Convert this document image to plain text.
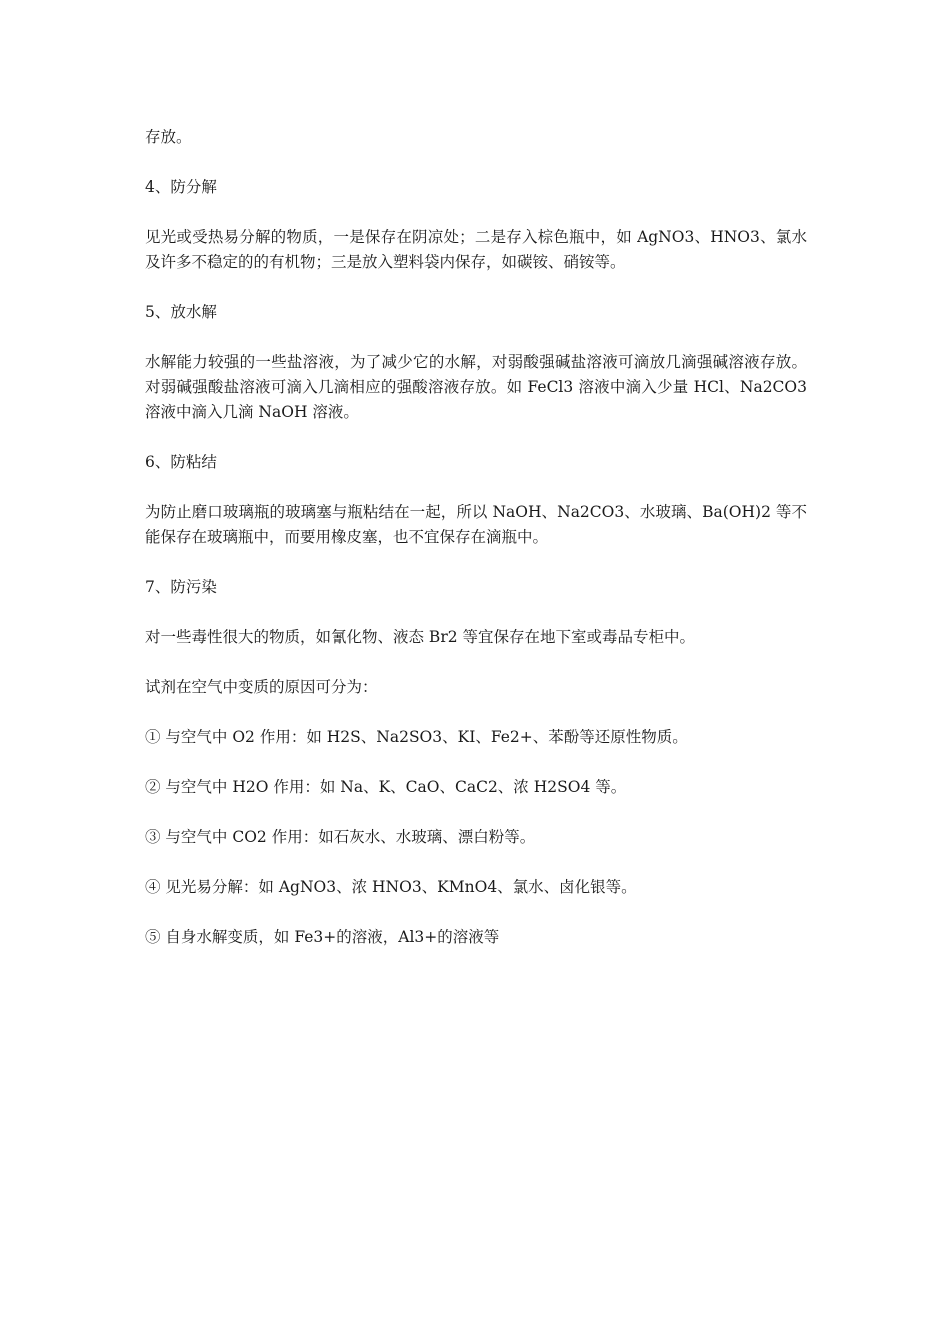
存放。

4、防分解

见光或受热易分解的物质，一是保存在阴凉处；二是存入棕色瓶中，如 AgNO3、HNO3、氯水及许多不稳定的的有机物；三是放入塑料袋内保存，如碳铵、硝铵等。

5、放水解

水解能力较强的一些盐溶液，为了减少它的水解，对弱酸强碱盐溶液可滴放几滴强碱溶液存放。对弱碱强酸盐溶液可滴入几滴相应的强酸溶液存放。如 FeCl3 溶液中滴入少量 HCl、Na2CO3 溶液中滴入几滴 NaOH 溶液。

6、防粘结

为防止磨口玻璃瓶的玻璃塞与瓶粘结在一起，所以 NaOH、Na2CO3、水玻璃、Ba(OH)2 等不能保存在玻璃瓶中，而要用橡皮塞，也不宜保存在滴瓶中。

7、防污染

对一些毒性很大的物质，如氰化物、液态 Br2 等宜保存在地下室或毒品专柜中。

试剂在空气中变质的原因可分为：

① 与空气中 O2 作用：如 H2S、Na2SO3、KI、Fe2+、苯酚等还原性物质。

② 与空气中 H2O 作用：如 Na、K、CaO、CaC2、浓 H2SO4 等。

③ 与空气中 CO2 作用：如石灰水、水玻璃、漂白粉等。

④ 见光易分解：如 AgNO3、浓 HNO3、KMnO4、氯水、卤化银等。

⑤ 自身水解变质，如 Fe3+的溶液，Al3+的溶液等
